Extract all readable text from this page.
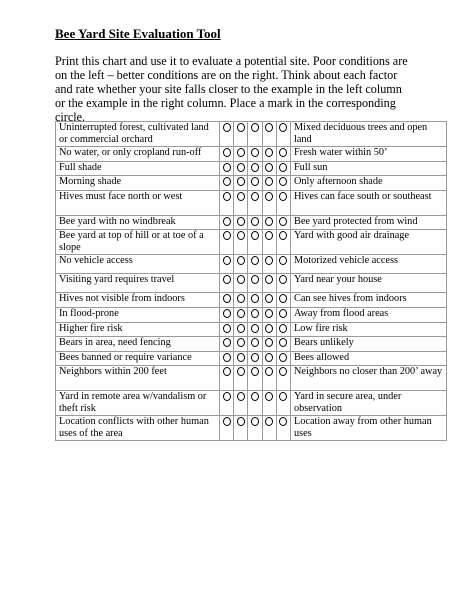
Bee Yard Site Evaluation Tool
Print this chart and use it to evaluate a potential site. Poor conditions are
on the left – better conditions are on the right. Think about each factor
and rate whether your site falls closer to the example in the left column
or the example in the right column. Place a mark in the corresponding
circle.
Uninterrupted forest, cultivated land or commercial orchard						Mixed deciduous trees and open land
No water, or only cropland run-off						Fresh water within 50’
Full shade						Full sun
Morning shade						Only afternoon shade
Hives must face north or west						Hives can face south or southeast
Bee yard with no windbreak						Bee yard protected from wind
Bee yard at top of hill or at toe of a slope						Yard with good air drainage
No vehicle access						Motorized vehicle access
Visiting yard requires travel						Yard near your house
Hives not visible from indoors						Can see hives from indoors
In flood-prone						Away from flood areas
Higher fire risk						Low fire risk
Bears in area, need fencing						Bears unlikely
Bees banned or require variance						Bees allowed
Neighbors within 200 feet						Neighbors no closer than 200’ away
Yard in remote area w/vandalism or theft risk						Yard in secure area, under observation
Location conflicts with other human uses of the area						Location away from other human uses
